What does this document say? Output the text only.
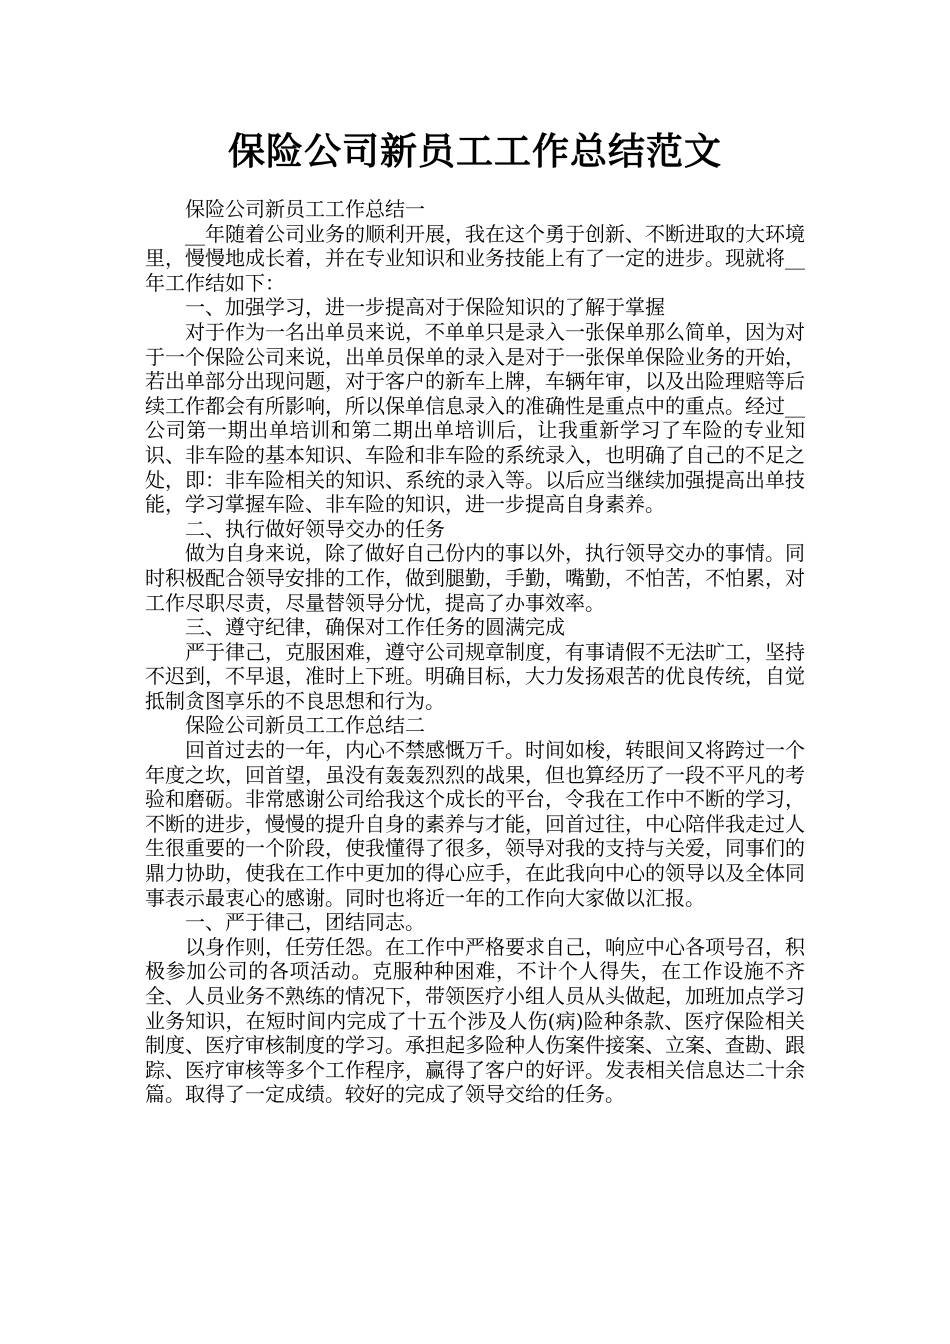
保险公司新员工工作总结范文

保险公司新员工工作总结一

__年随着公司业务的顺利开展，我在这个勇于创新、不断进取的大环境里，慢慢地成长着，并在专业知识和业务技能上有了一定的进步。现就将__年工作结如下：

一、加强学习，进一步提高对于保险知识的了解于掌握

对于作为一名出单员来说，不单单只是录入一张保单那么简单，因为对于一个保险公司来说，出单员保单的录入是对于一张保单保险业务的开始，若出单部分出现问题，对于客户的新车上牌，车辆年审，以及出险理赔等后续工作都会有所影响，所以保单信息录入的准确性是重点中的重点。经过__公司第一期出单培训和第二期出单培训后，让我重新学习了车险的专业知识、非车险的基本知识、车险和非车险的系统录入，也明确了自己的不足之处，即：非车险相关的知识、系统的录入等。以后应当继续加强提高出单技能，学习掌握车险、非车险的知识，进一步提高自身素养。

二、执行做好领导交办的任务

做为自身来说，除了做好自己份内的事以外，执行领导交办的事情。同时积极配合领导安排的工作，做到腿勤，手勤，嘴勤，不怕苦，不怕累，对工作尽职尽责，尽量替领导分忧，提高了办事效率。

三、遵守纪律，确保对工作任务的圆满完成

严于律己，克服困难，遵守公司规章制度，有事请假不无法旷工，坚持不迟到，不早退，准时上下班。明确目标，大力发扬艰苦的优良传统，自觉抵制贪图享乐的不良思想和行为。

保险公司新员工工作总结二

回首过去的一年，内心不禁感慨万千。时间如梭，转眼间又将跨过一个年度之坎，回首望，虽没有轰轰烈烈的战果，但也算经历了一段不平凡的考验和磨砺。非常感谢公司给我这个成长的平台，令我在工作中不断的学习，不断的进步，慢慢的提升自身的素养与才能，回首过往，中心陪伴我走过人生很重要的一个阶段，使我懂得了很多，领导对我的支持与关爱，同事们的鼎力协助，使我在工作中更加的得心应手，在此我向中心的领导以及全体同事表示最衷心的感谢。同时也将近一年的工作向大家做以汇报。

一、严于律己，团结同志。

以身作则，任劳任怨。在工作中严格要求自己，响应中心各项号召，积极参加公司的各项活动。克服种种困难，不计个人得失，在工作设施不齐全、人员业务不熟练的情况下，带领医疗小组人员从头做起，加班加点学习业务知识，在短时间内完成了十五个涉及人伤(病)险种条款、医疗保险相关制度、医疗审核制度的学习。承担起多险种人伤案件接案、立案、查勘、跟踪、医疗审核等多个工作程序，赢得了客户的好评。发表相关信息达二十余篇。取得了一定成绩。较好的完成了领导交给的任务。
